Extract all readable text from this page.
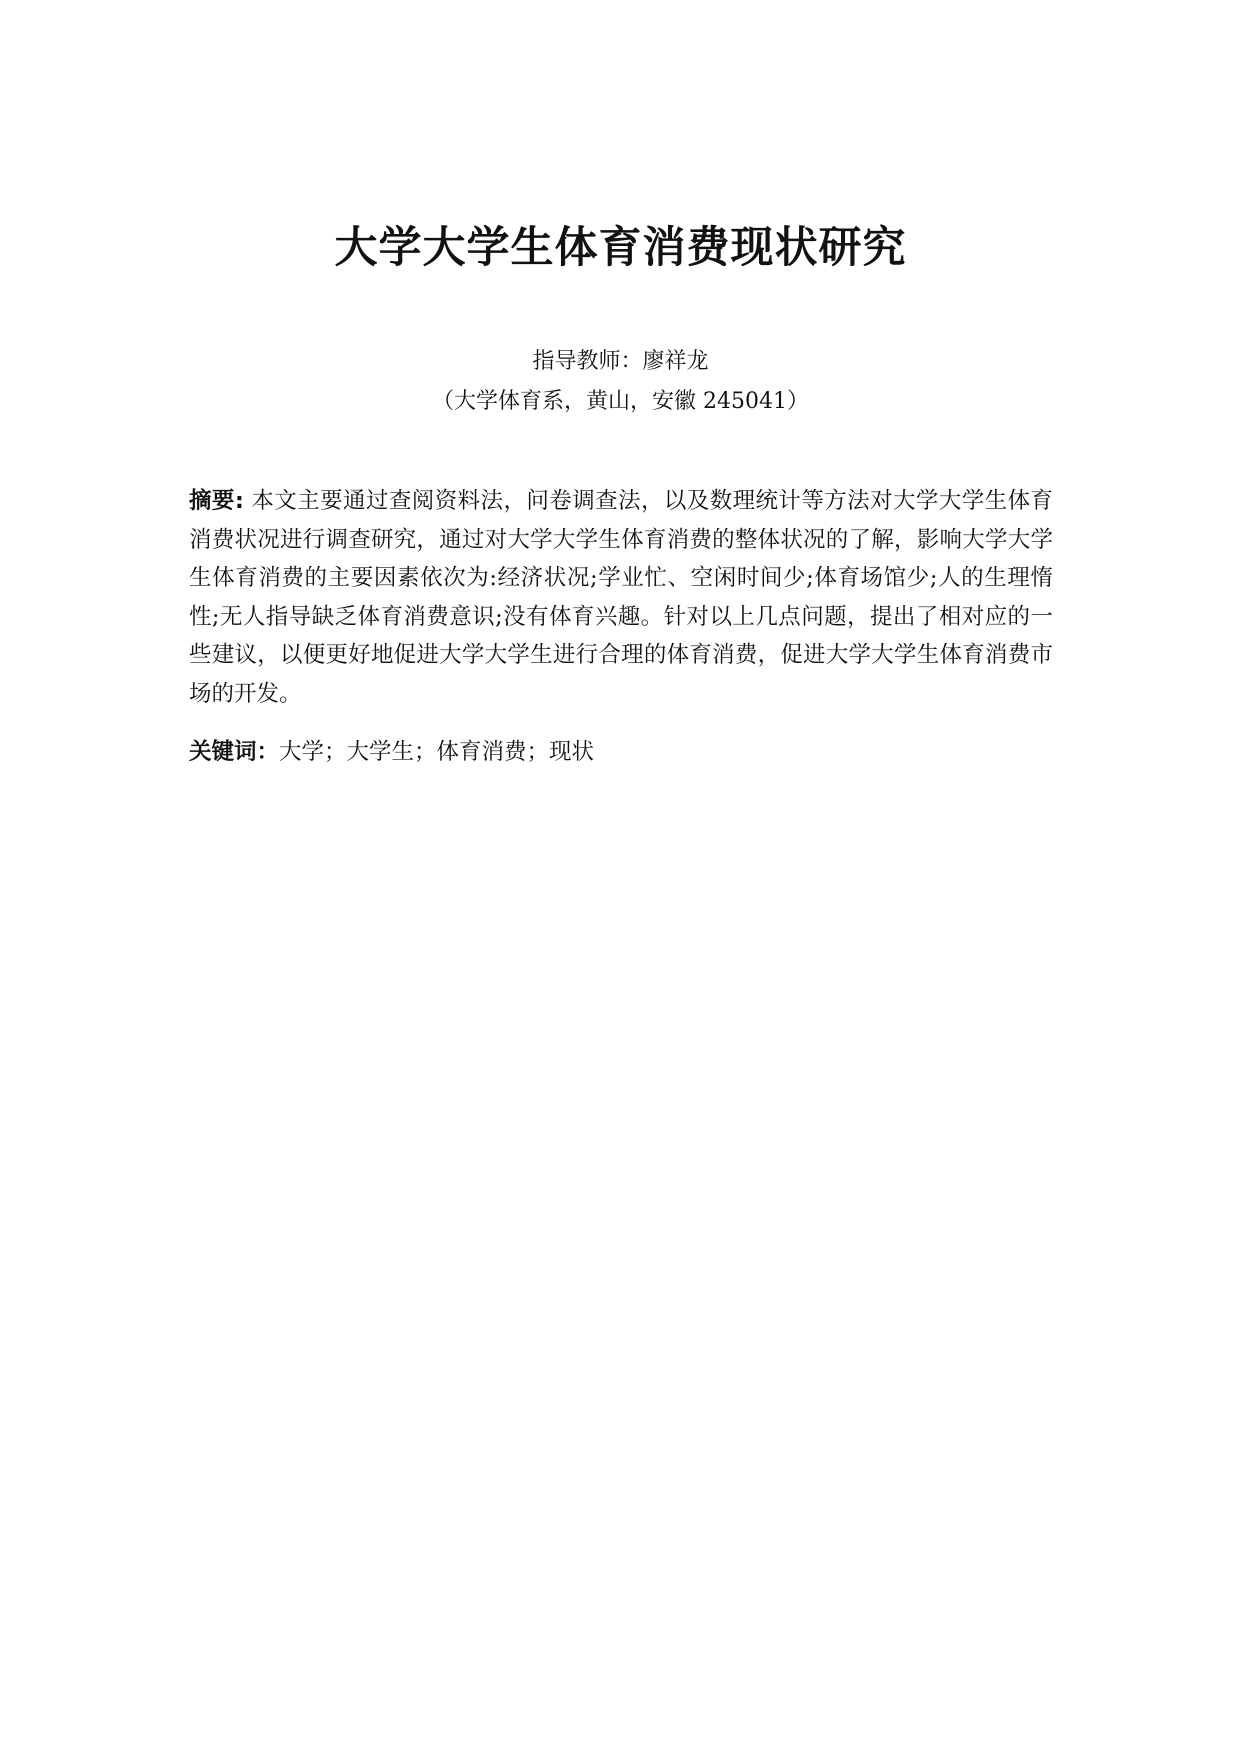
大学大学生体育消费现状研究
指导教师：廖祥龙
（大学体育系，黄山，安徽 245041）

摘要: 本文主要通过查阅资料法，问卷调查法，以及数理统计等方法对大学大学生体育消费状况进行调查研究，通过对大学大学生体育消费的整体状况的了解，影响大学大学生体育消费的主要因素依次为:经济状况;学业忙、空闲时间少;体育场馆少;人的生理惰性;无人指导缺乏体育消费意识;没有体育兴趣。针对以上几点问题，提出了相对应的一些建议，以便更好地促进大学大学生进行合理的体育消费，促进大学大学生体育消费市场的开发。

关键词：大学；大学生；体育消费；现状
